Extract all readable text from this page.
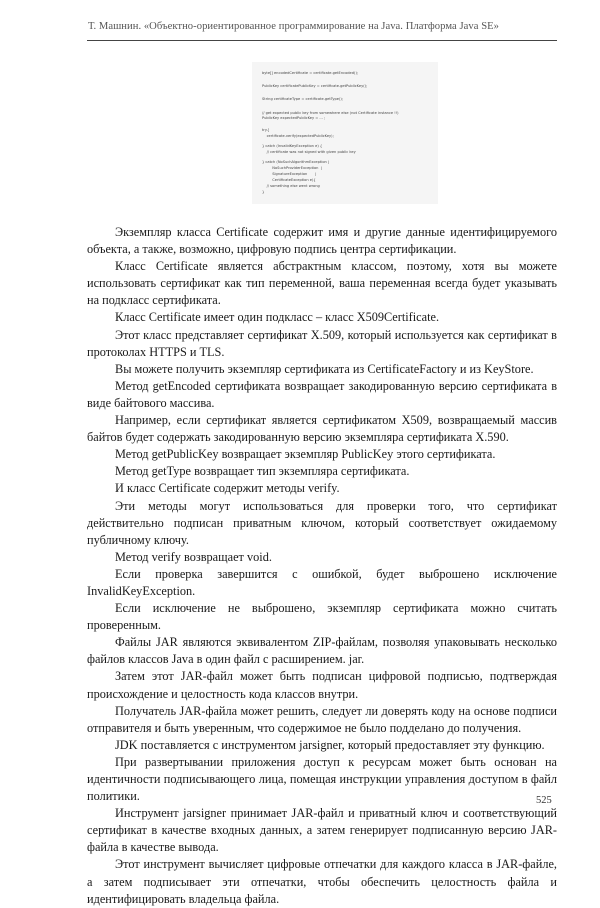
Т. Машнин. «Объектно-ориентированное программирование на Java. Платформа Java SE»
byte[] encodedCertificate = certificate.getEncoded();
PublicKey certificatePublicKey = certificate.getPublicKey();
String certificateType = certificate.getType();
// get expected public key from somewhere else (not Certificate instance !!)
PublicKey expectedPublicKey = ... ;
try{
certificate.verify(expectedPublicKey);
} catch (InvalidKeyException e) {
// certificate was not signed with given public key
} catch (NoSuchAlgorithmException |
NoSuchProviderException  |
SignatureException       |
CertificateException e){
// something else went wrong
}

Экземпляр класса Certificate содержит имя и другие данные идентифицируемого объекта, а также, возможно, цифровую подпись центра сертификации.

Класс Certificate является абстрактным классом, поэтому, хотя вы можете использовать сертификат как тип переменной, ваша переменная всегда будет указывать на подкласс сертификата.

Класс Certificate имеет один подкласс – класс X509Certificate.

Этот класс представляет сертификат X.509, который используется как сертификат в протоколах HTTPS и TLS.

Вы можете получить экземпляр сертификата из CertificateFactory и из KeyStore.

Метод getEncoded сертификата возвращает закодированную версию сертификата в виде байтового массива.

Например, если сертификат является сертификатом X509, возвращаемый массив байтов будет содержать закодированную версию экземпляра сертификата X.590.

Метод getPublicKey возвращает экземпляр PublicKey этого сертификата.

Метод getType возвращает тип экземпляра сертификата.

И класс Certificate содержит методы verify.

Эти методы могут использоваться для проверки того, что сертификат действительно подписан приватным ключом, который соответствует ожидаемому публичному ключу.

Метод verify возвращает void.

Если проверка завершится с ошибкой, будет выброшено исключение

InvalidKeyException.

Если исключение не выброшено, экземпляр сертификата можно считать проверенным.

Файлы JAR являются эквивалентом ZIP-файлам, позволяя упаковывать несколько файлов классов Java в один файл с расширением. jar.

Затем этот JAR-файл может быть подписан цифровой подписью, подтверждая происхождение и целостность кода классов внутри.

Получатель JAR-файла может решить, следует ли доверять коду на основе подписи отправителя и быть уверенным, что содержимое не было подделано до получения.

JDK поставляется с инструментом jarsigner, который предоставляет эту функцию.

При развертывании приложения доступ к ресурсам может быть основан на идентичности подписывающего лица, помещая инструкции управления доступом в файл политики.

Инструмент jarsigner принимает JAR-файл и приватный ключ и соответствующий сертификат в качестве входных данных, а затем генерирует подписанную версию JAR-файла в качестве вывода.

Этот инструмент вычисляет цифровые отпечатки для каждого класса в JAR-файле, а затем подписывает эти отпечатки, чтобы обеспечить целостность файла и идентифицировать владельца файла.

525
